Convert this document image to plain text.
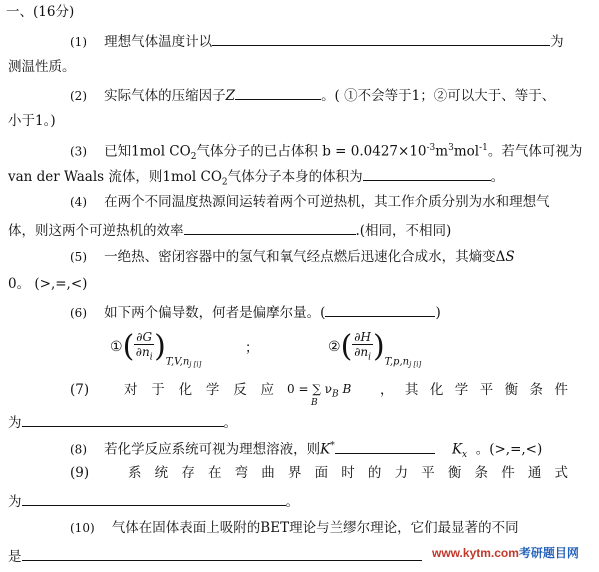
一、(16分)
(1) 理想气体温度计以	为
测温性质。
(2) 实际气体的压缩因子Z	。( ①不会等于1；②可以大于、等于、
小于1。)
(3) 已知1mol $CO_2$气体分子的已占体积 $b = 0.0427\times 10^{-3}m^3mol^{-1}$。若气体可视为
van der Waals 流体，则1mol $CO_2$气体分子本身的体积为	。
(4) 在两个不同温度热源间运转着两个可逆热机，其工作介质分别为水和理想气
体，则这两个可逆热机的效率	.(相同，不相同)
(5) 一绝热、密闭容器中的氢气和氧气经点燃后迅速化合成水，其熵变ΔS
0。 (>,=,<)
(6) 如下两个偏导数，何者是偏摩尔量。(	)
①( $\frac{\partial G}{\partial n_i} )_{T,V,nj [i]}$
；	②( $\frac{\partial H}{\partial n_i} )_{T,p,nj [i]}$
(7)	对 于 化 学 反 应 0 = ∑ $\nu_B$ B
B
， 其 化 学 平 衡 条 件
为	。
(8) 若化学反应系统可视为理想溶液，则K*	$K_x$ 。(>,=,<)
(9)	系 统 存 在 弯 曲 界 面 时 的 力 平 衡 条 件 通 式
为	。
(10) 气体在固体表面上吸附的BET理论与兰缪尔理论，它们最显著的不同
是	www.kytm.com考研题目网
